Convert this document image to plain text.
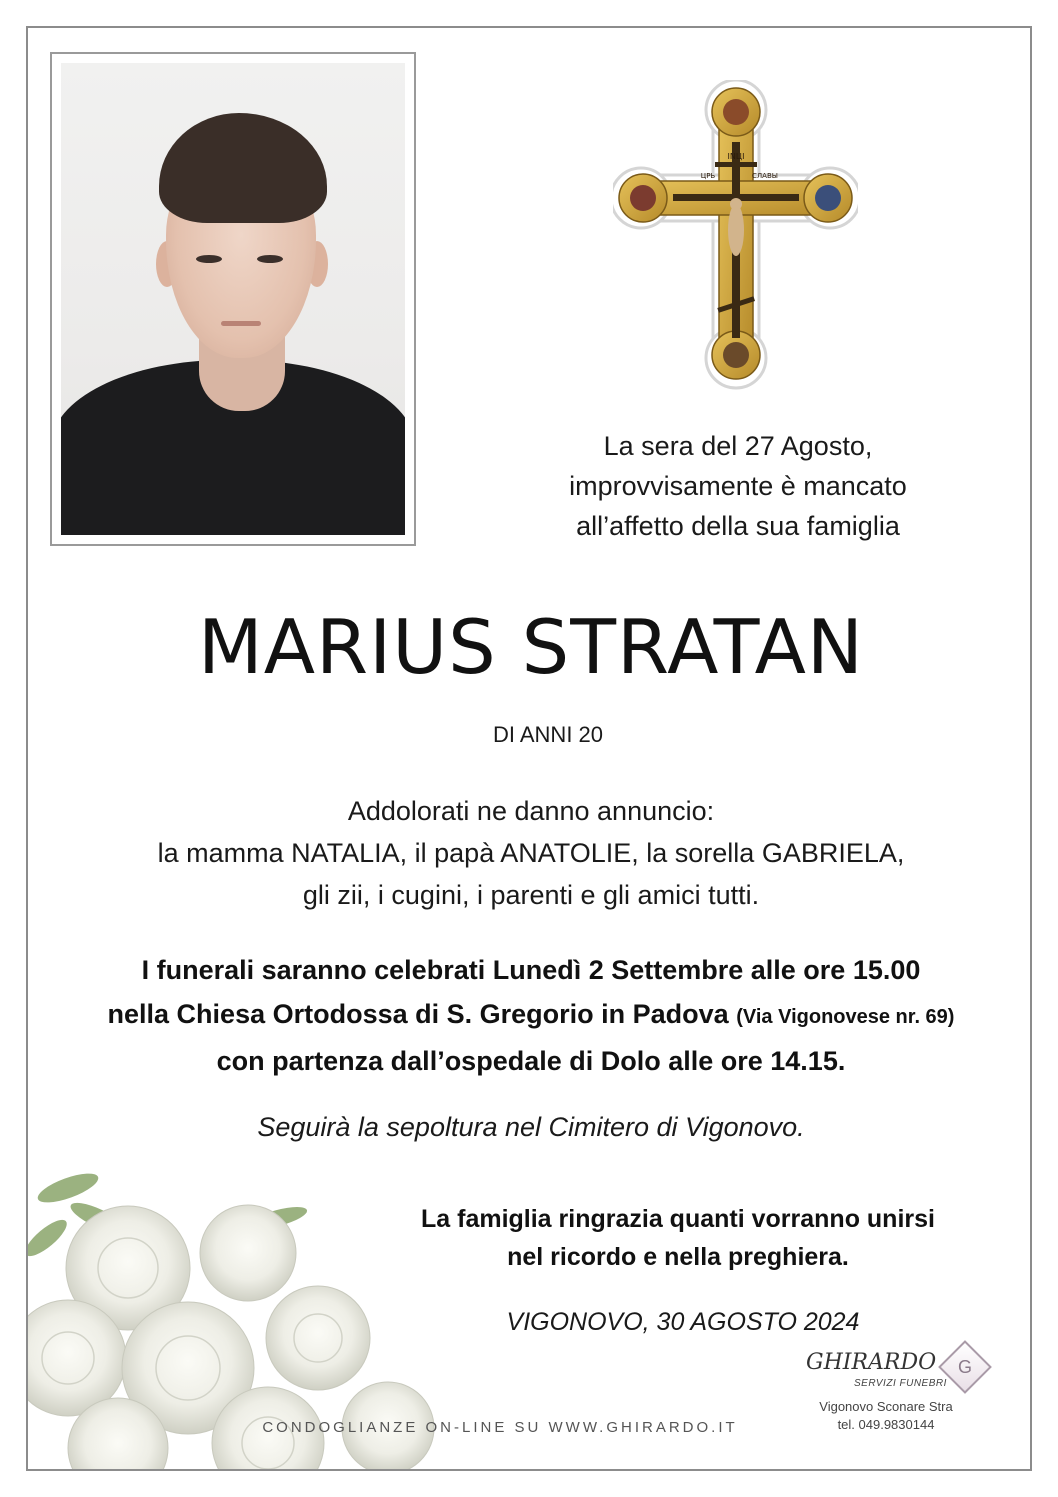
INЦI
ЦРЬ	СЛАВЫ
La sera del 27 Agosto,
improvvisamente è mancato
all’affetto della sua famiglia
MARIUS STRATAN
DI ANNI 20
Addolorati ne danno annuncio:
la mamma NATALIA, il papà ANATOLIE, la sorella GABRIELA,
gli zii, i cugini, i parenti e gli amici tutti.
I funerali saranno celebrati Lunedì 2 Settembre alle ore 15.00
nella Chiesa Ortodossa di S. Gregorio in Padova (Via Vigonovese nr. 69)
con partenza dall’ospedale di Dolo alle ore 14.15.
Seguirà la sepoltura nel Cimitero di Vigonovo.
La famiglia ringrazia quanti vorranno unirsi
nel ricordo e nella preghiera.
VIGONOVO, 30 AGOSTO 2024
CONDOGLIANZE ON-LINE SU WWW.GHIRARDO.IT
GHIRARDO
SERVIZI FUNEBRI
G
Vigonovo Sconare Stra
tel. 049.9830144
